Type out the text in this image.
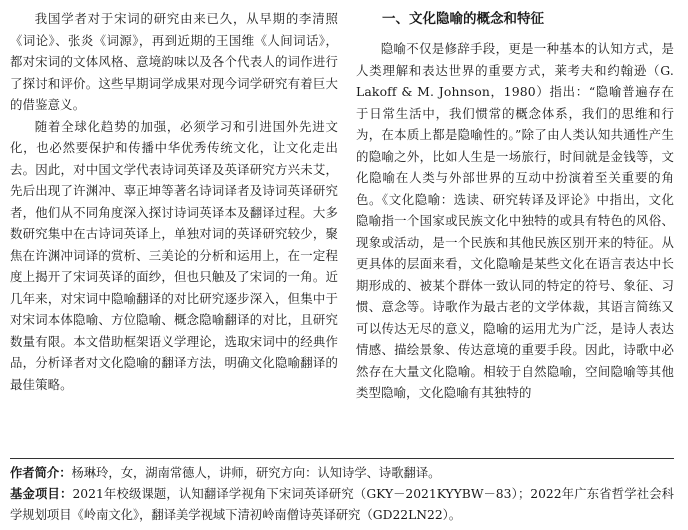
我国学者对于宋词的研究由来已久，从早期的李清照《词论》、张炎《词源》，再到近期的王国维《人间词话》，都对宋词的文体风格、意境韵味以及各个代表人的词作进行了探讨和评价。这些早期词学成果对现今词学研究有着巨大的借鉴意义。

随着全球化趋势的加强，必须学习和引进国外先进文化，也必然要保护和传播中华优秀传统文化，让文化走出去。因此，对中国文学代表诗词英译及英译研究方兴未艾，先后出现了许渊冲、辜正坤等著名诗词译者及诗词英译研究者，他们从不同角度深入探讨诗词英译本及翻译过程。大多数研究集中在古诗词英译上，单独对词的英译研究较少，聚焦在许渊冲词译的赏析、三美论的分析和运用上，在一定程度上揭开了宋词英译的面纱，但也只触及了宋词的一角。近几年来，对宋词中隐喻翻译的对比研究逐步深入，但集中于对宋词本体隐喻、方位隐喻、概念隐喻翻译的对比，且研究数量有限。本文借助框架语义学理论，选取宋词中的经典作品，分析译者对文化隐喻的翻译方法，明确文化隐喻翻译的最佳策略。

一、文化隐喻的概念和特征

隐喻不仅是修辞手段，更是一种基本的认知方式，是人类理解和表达世界的重要方式，莱考夫和约翰逊（G. Lakoff & M. Johnson，1980）指出：“隐喻普遍存在于日常生活中，我们惯常的概念体系，我们的思维和行为，在本质上都是隐喻性的。”除了由人类认知共通性产生的隐喻之外，比如人生是一场旅行，时间就是金钱等，文化隐喻在人类与外部世界的互动中扮演着至关重要的角色。《文化隐喻：选读、研究转译及评论》中指出，文化隐喻指一个国家或民族文化中独特的或具有特色的风俗、现象或活动，是一个民族和其他民族区别开来的特征。从更具体的层面来看，文化隐喻是某些文化在语言表达中长期形成的、被某个群体一致认同的特定的符号、象征、习惯、意念等。诗歌作为最古老的文学体裁，其语言简练又可以传达无尽的意义，隐喻的运用尤为广泛，是诗人表达情感、描绘景象、传达意境的重要手段。因此，诗歌中必然存在大量文化隐喻。相较于自然隐喻，空间隐喻等其他类型隐喻，文化隐喻有其独特的

作者简介：杨琳玲，女，湖南常德人，讲师，研究方向：认知诗学、诗歌翻译。

基金项目：2021年校级课题，认知翻译学视角下宋词英译研究（GKY－2021KYYBW－83）；2022年广东省哲学社会科学规划项目《岭南文化》，翻译美学视域下清初岭南僧诗英译研究（GD22LN22）。
